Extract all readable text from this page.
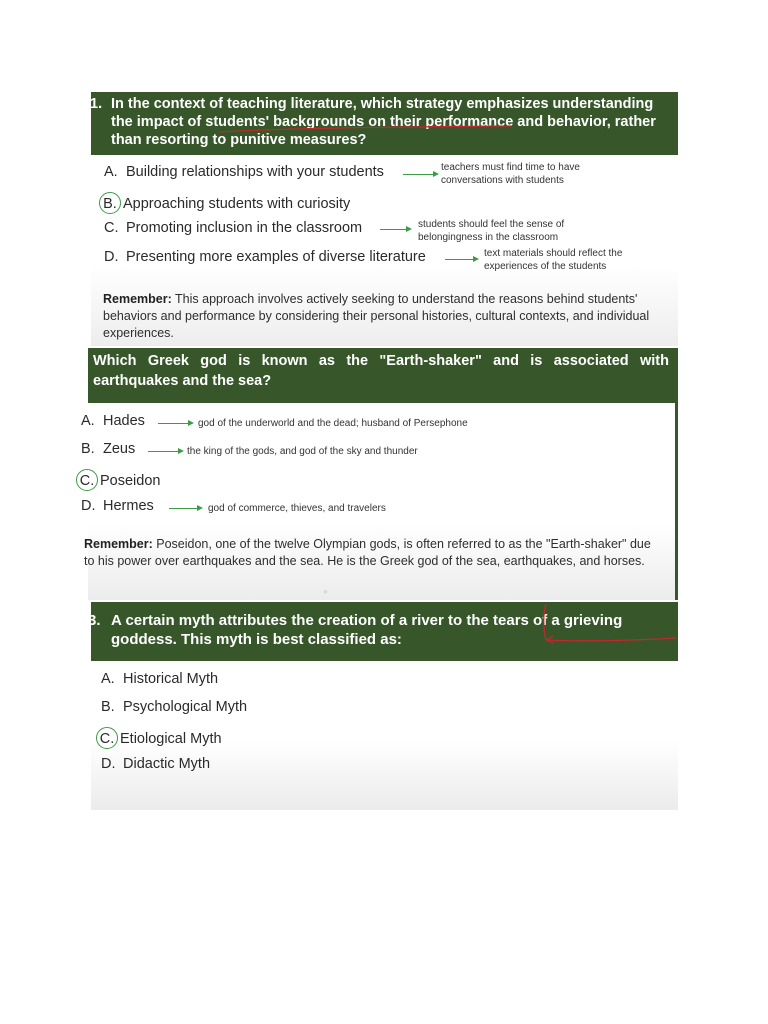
1. In the context of teaching literature, which strategy emphasizes understanding the impact of students' backgrounds on their performance and behavior, rather than resorting to punitive measures?
A. Building relationships with your students	teachers must find time to have
conversations with students
B. Approaching students with curiosity
C. Promoting inclusion in the classroom	students should feel the sense of
belongingness in the classroom
D. Presenting more examples of diverse literature	text materials should reflect the
experiences of the students
Remember: This approach involves actively seeking to understand the reasons behind students' behaviors and performance by considering their personal histories, cultural contexts, and individual experiences.
Which Greek god is known as the "Earth-shaker" and is associated with earthquakes and the sea?
A. Hades	god of the underworld and the dead; husband of Persephone
B. Zeus	the king of the gods, and god of the sky and thunder
C. Poseidon
D. Hermes	god of commerce, thieves, and travelers
Remember: Poseidon, one of the twelve Olympian gods, is often referred to as the "Earth-shaker" due to his power over earthquakes and the sea. He is the Greek god of the sea, earthquakes, and horses.
▹
3. A certain myth attributes the creation of a river to the tears of a grieving goddess. This myth is best classified as:
A. Historical Myth
B. Psychological Myth
C. Etiological Myth
D. Didactic Myth
